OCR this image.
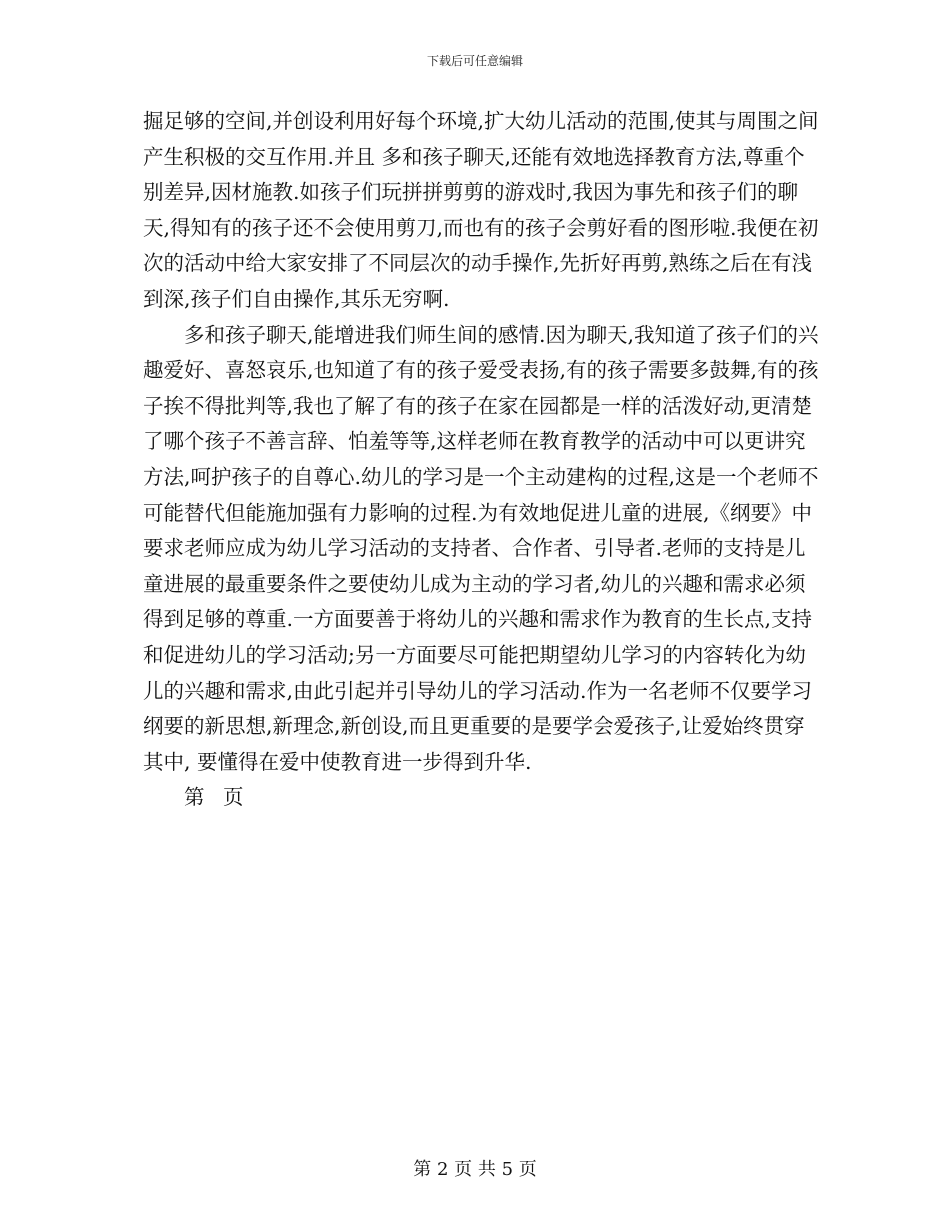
下载后可任意编辑

掘足够的空间,并创设利用好每个环境,扩大幼儿活动的范围,使其与周围之间产生积极的交互作用.并且 多和孩子聊天,还能有效地选择教育方法,尊重个别差异,因材施教.如孩子们玩拼拼剪剪的游戏时,我因为事先和孩子们的聊天,得知有的孩子还不会使用剪刀,而也有的孩子会剪好看的图形啦.我便在初次的活动中给大家安排了不同层次的动手操作,先折好再剪,熟练之后在有浅到深,孩子们自由操作,其乐无穷啊.

多和孩子聊天,能增进我们师生间的感情.因为聊天,我知道了孩子们的兴趣爱好、喜怒哀乐,也知道了有的孩子爱受表扬,有的孩子需要多鼓舞,有的孩子挨不得批判等,我也了解了有的孩子在家在园都是一样的活泼好动,更清楚了哪个孩子不善言辞、怕羞等等,这样老师在教育教学的活动中可以更讲究方法,呵护孩子的自尊心.幼儿的学习是一个主动建构的过程,这是一个老师不可能替代但能施加强有力影响的过程.为有效地促进儿童的进展,《纲要》中要求老师应成为幼儿学习活动的支持者、合作者、引导者.老师的支持是儿童进展的最重要条件之要使幼儿成为主动的学习者,幼儿的兴趣和需求必须得到足够的尊重.一方面要善于将幼儿的兴趣和需求作为教育的生长点,支持和促进幼儿的学习活动;另一方面要尽可能把期望幼儿学习的内容转化为幼儿的兴趣和需求,由此引起并引导幼儿的学习活动.作为一名老师不仅要学习纲要的新思想,新理念,新创设,而且更重要的是要学会爱孩子,让爱始终贯穿其中, 要懂得在爱中使教育进一步得到升华.

第页

第 2 页 共 5 页
